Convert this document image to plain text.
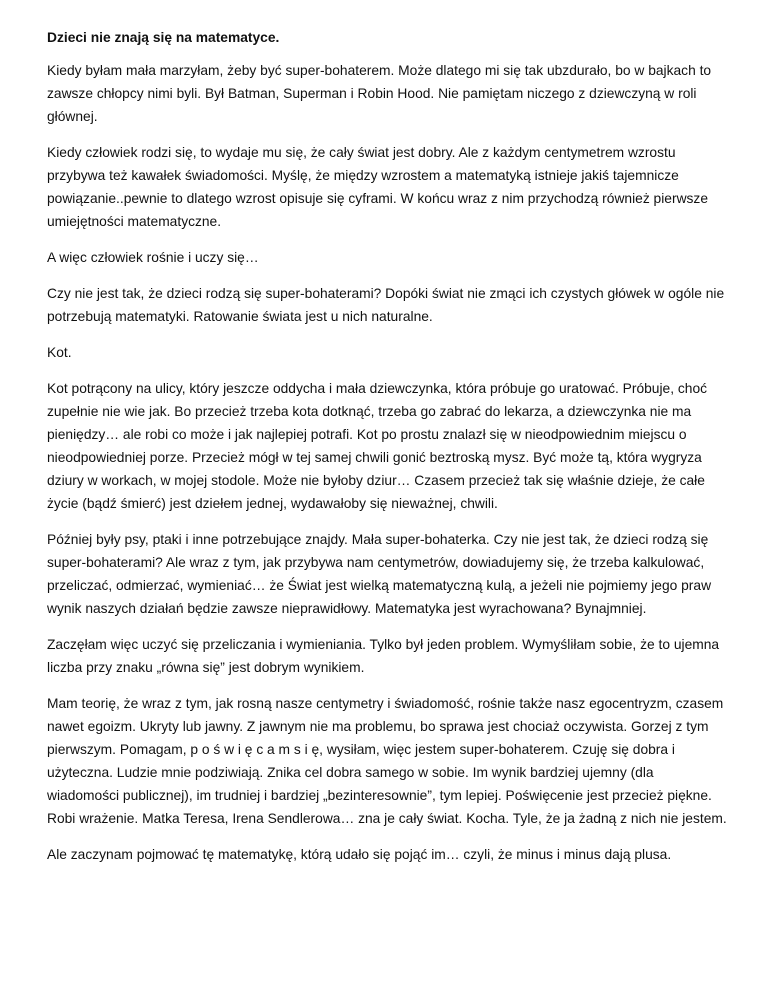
Dzieci nie znają się na matematyce.

Kiedy byłam mała marzyłam, żeby być super-bohaterem. Może dlatego mi się tak ubzdurało, bo w bajkach to zawsze chłopcy nimi byli. Był Batman, Superman i Robin Hood. Nie pamiętam niczego z dziewczyną w roli głównej.

Kiedy człowiek rodzi się, to wydaje mu się, że cały świat jest dobry. Ale z każdym centymetrem wzrostu przybywa też kawałek świadomości. Myślę, że między wzrostem a matematyką istnieje jakiś tajemnicze powiązanie..pewnie to dlatego wzrost opisuje się cyframi. W końcu wraz z nim przychodzą również pierwsze umiejętności matematyczne.

A więc człowiek rośnie i uczy się…

Czy nie jest tak, że dzieci rodzą się super-bohaterami? Dopóki świat nie zmąci ich czystych główek w ogóle nie potrzebują matematyki. Ratowanie świata jest u nich naturalne.

Kot.

Kot potrącony na ulicy, który jeszcze oddycha i mała dziewczynka, która próbuje go uratować. Próbuje, choć zupełnie nie wie jak. Bo przecież trzeba kota dotknąć, trzeba go zabrać do lekarza, a dziewczynka nie ma pieniędzy… ale robi co może i jak najlepiej potrafi. Kot po prostu znalazł się w nieodpowiednim miejscu o nieodpowiedniej porze. Przecież mógł w tej samej chwili gonić beztroską mysz. Być może tą, która wygryza dziury w workach, w mojej stodole. Może nie byłoby dziur… Czasem przecież tak się właśnie dzieje, że całe życie (bądź śmierć) jest dziełem jednej, wydawałoby się nieważnej, chwili.

Później były psy, ptaki i inne potrzebujące znajdy. Mała super-bohaterka. Czy nie jest tak, że dzieci rodzą się super-bohaterami? Ale wraz z tym, jak przybywa nam centymetrów, dowiadujemy się, że trzeba kalkulować, przeliczać, odmierzać, wymieniać… że Świat jest wielką matematyczną kulą, a jeżeli nie pojmiemy jego praw wynik naszych działań będzie zawsze nieprawidłowy. Matematyka jest wyrachowana? Bynajmniej.

Zaczęłam więc uczyć się przeliczania i wymieniania. Tylko był jeden problem. Wymyśliłam sobie, że to ujemna liczba przy znaku „równa się” jest dobrym wynikiem.

Mam teorię, że wraz z tym, jak rosną nasze centymetry i świadomość, rośnie także nasz egocentryzm, czasem nawet egoizm. Ukryty lub jawny. Z jawnym nie ma problemu, bo sprawa jest chociaż oczywista. Gorzej z tym pierwszym. Pomagam, p o ś w i ę c a m s i ę, wysiłam, więc jestem super-bohaterem. Czuję się dobra i użyteczna. Ludzie mnie podziwiają. Znika cel dobra samego w sobie. Im wynik bardziej ujemny (dla wiadomości publicznej), im trudniej i bardziej „bezinteresownie”, tym lepiej. Poświęcenie jest przecież piękne. Robi wrażenie. Matka Teresa, Irena Sendlerowa… zna je cały świat. Kocha. Tyle, że ja żadną z nich nie jestem.

Ale zaczynam pojmować tę matematykę, którą udało się pojąć im… czyli, że minus i minus dają plusa.
